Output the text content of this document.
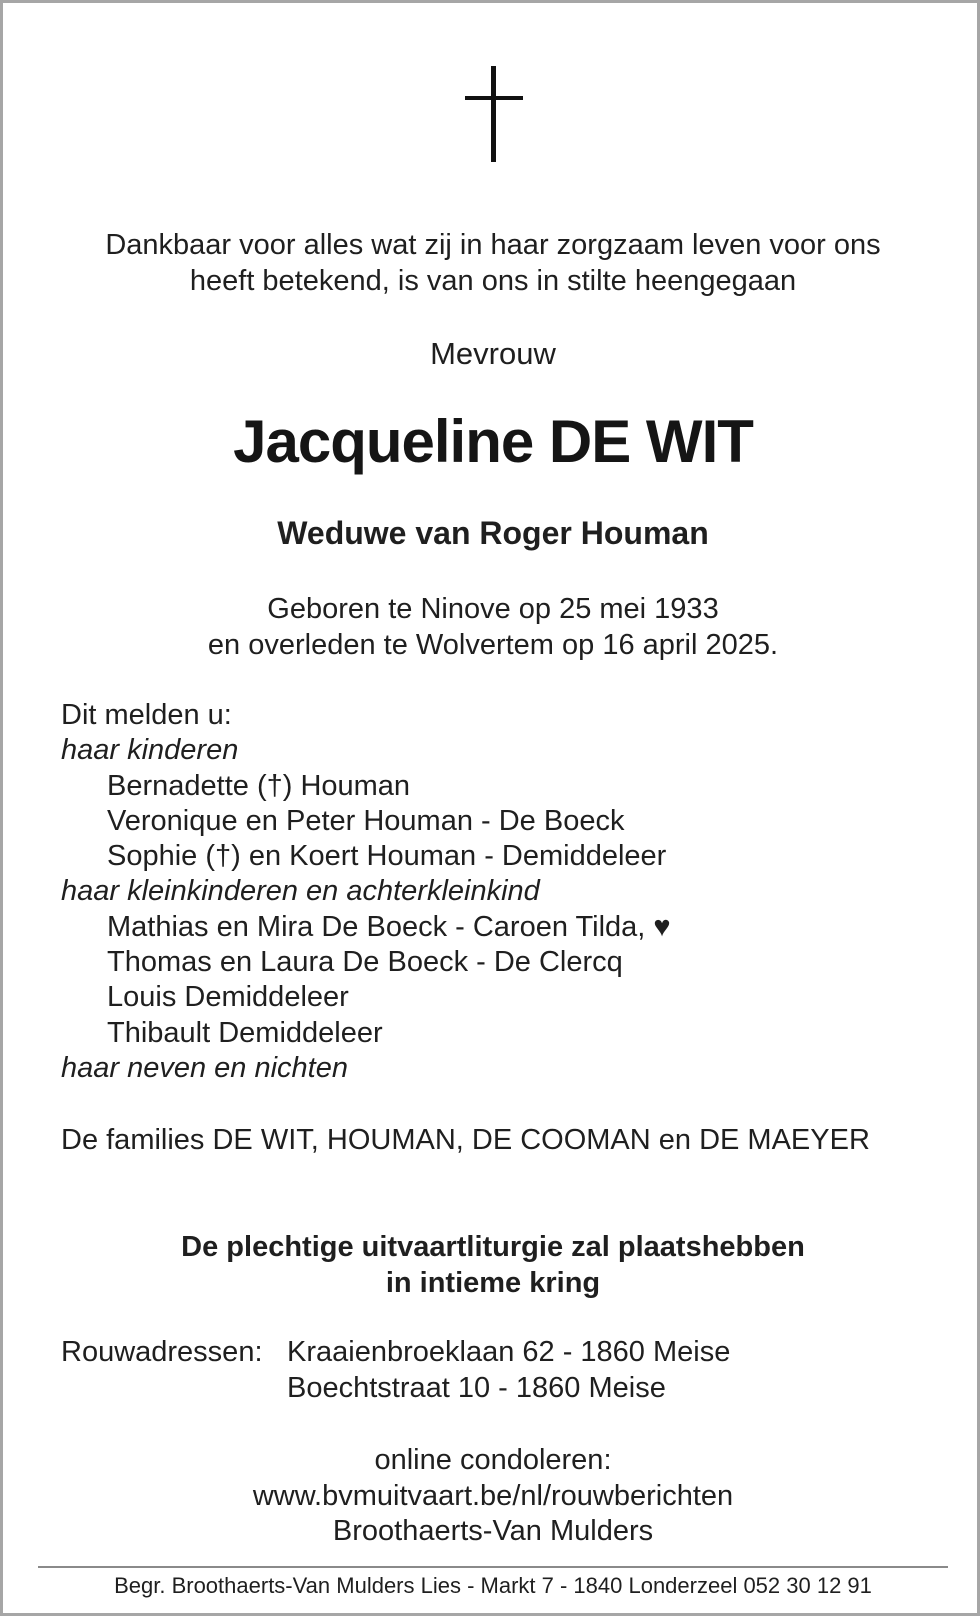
Dankbaar voor alles wat zij in haar zorgzaam leven voor ons
heeft betekend, is van ons in stilte heengegaan
Mevrouw
Jacqueline DE WIT
Weduwe van Roger Houman
Geboren te Ninove op 25 mei 1933
en overleden te Wolvertem op 16 april 2025.
Dit melden u:
haar kinderen
Bernadette (†) Houman
Veronique en Peter Houman - De Boeck
Sophie (†) en Koert Houman - Demiddeleer
haar kleinkinderen en achterkleinkind
Mathias en Mira De Boeck - Caroen Tilda, ♥
Thomas en Laura De Boeck - De Clercq
Louis Demiddeleer
Thibault Demiddeleer
haar neven en nichten
De families DE WIT, HOUMAN, DE COOMAN en DE MAEYER
De plechtige uitvaartliturgie zal plaatshebben
in intieme kring
Rouwadressen: Kraaienbroeklaan 62 - 1860 Meise
Boechtstraat 10 - 1860 Meise
online condoleren:
www.bvmuitvaart.be/nl/rouwberichten
Broothaerts-Van Mulders
Begr. Broothaerts-Van Mulders Lies - Markt 7 - 1840 Londerzeel 052 30 12 91
